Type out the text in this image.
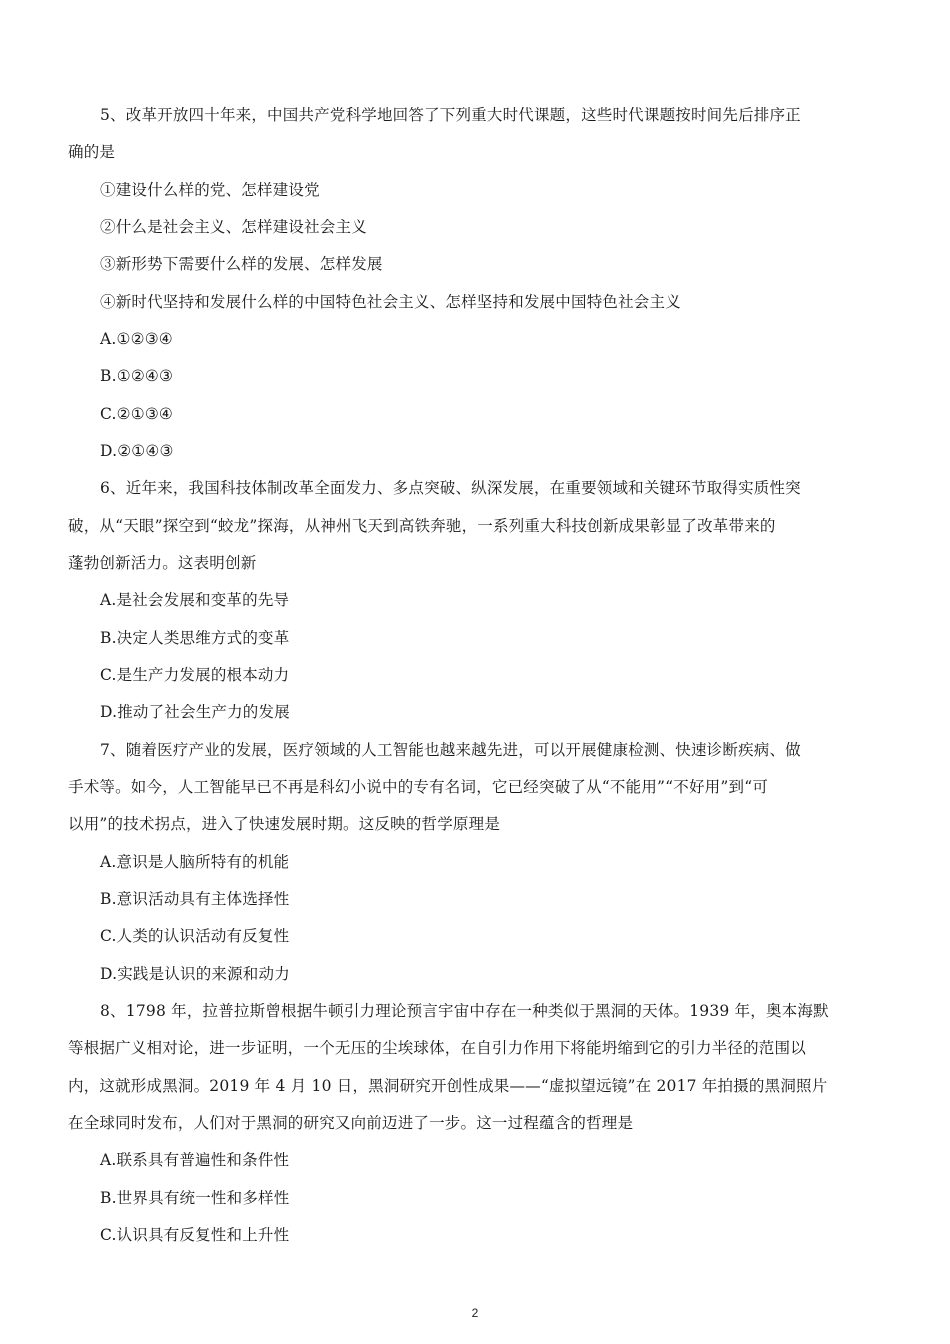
5、改革开放四十年来，中国共产党科学地回答了下列重大时代课题，这些时代课题按时间先后排序正
确的是
①建设什么样的党、怎样建设党
②什么是社会主义、怎样建设社会主义
③新形势下需要什么样的发展、怎样发展
④新时代坚持和发展什么样的中国特色社会主义、怎样坚持和发展中国特色社会主义
A.①②③④
B.①②④③
C.②①③④
D.②①④③
6、近年来，我国科技体制改革全面发力、多点突破、纵深发展，在重要领域和关键环节取得实质性突
破，从“天眼”探空到“蛟龙”探海，从神州飞天到高铁奔驰，一系列重大科技创新成果彰显了改革带来的
蓬勃创新活力。这表明创新
A.是社会发展和变革的先导
B.决定人类思维方式的变革
C.是生产力发展的根本动力
D.推动了社会生产力的发展
7、随着医疗产业的发展，医疗领域的人工智能也越来越先进，可以开展健康检测、快速诊断疾病、做
手术等。如今，人工智能早已不再是科幻小说中的专有名词，它已经突破了从“不能用”“不好用”到“可
以用”的技术拐点，进入了快速发展时期。这反映的哲学原理是
A.意识是人脑所特有的机能
B.意识活动具有主体选择性
C.人类的认识活动有反复性
D.实践是认识的来源和动力
8、1798 年，拉普拉斯曾根据牛顿引力理论预言宇宙中存在一种类似于黑洞的天体。1939 年，奥本海默
等根据广义相对论，进一步证明，一个无压的尘埃球体，在自引力作用下将能坍缩到它的引力半径的范围以
内，这就形成黑洞。2019 年 4 月 10 日，黑洞研究开创性成果——“虚拟望远镜”在 2017 年拍摄的黑洞照片
在全球同时发布，人们对于黑洞的研究又向前迈进了一步。这一过程蕴含的哲理是
A.联系具有普遍性和条件性
B.世界具有统一性和多样性
C.认识具有反复性和上升性
2
